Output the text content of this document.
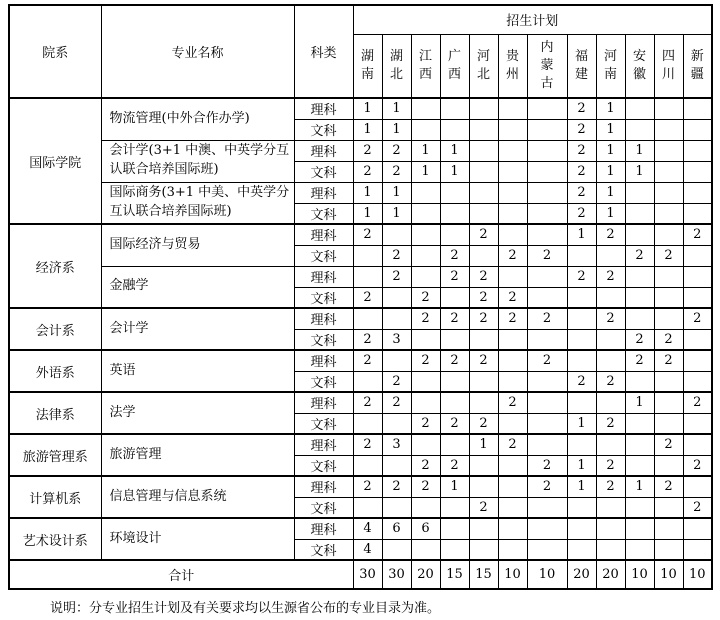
院系	专业名称	科类	招生计划											
			湖南	湖北	江西	广西	河北	贵州	内蒙古	福建	河南	安徽	四川	新疆
国际学院	物流管理(中外合作办学)	理科	1	1						2	1			
		文科	1	1						2	1			
	会计学(3+1 中澳、中英学分互认联合培养国际班)	理科	2	2	1	1				2	1	1		
		文科	2	2	1	1				2	1	1		
	国际商务(3+1 中美、中英学分互认联合培养国际班)	理科	1	1						2	1			
		文科	1	1						2	1			
经济系	国际经济与贸易	理科	2				2			1	2			2
		文科		2		2		2	2			2	2	
	金融学	理科		2		2	2			2	2			
		文科	2		2		2	2						
会计系	会计学	理科			2	2	2	2	2		2			2
		文科	2	3								2	2	
外语系	英语	理科	2		2	2	2		2			2	2	
		文科		2						2	2			
法律系	法学	理科	2	2				2				1		2
		文科			2	2	2			1	2			
旅游管理系	旅游管理	理科	2	3			1	2					2	
		文科			2	2			2	1	2			2
计算机系	信息管理与信息系统	理科	2	2	2	1			2	1	2	1	2	
		文科					2							2
艺术设计系	环境设计	理科	4	6	6									
		文科	4											
合计			30	30	20	15	15	10	10	20	20	10	10	10
说明：分专业招生计划及有关要求均以生源省公布的专业目录为准。
